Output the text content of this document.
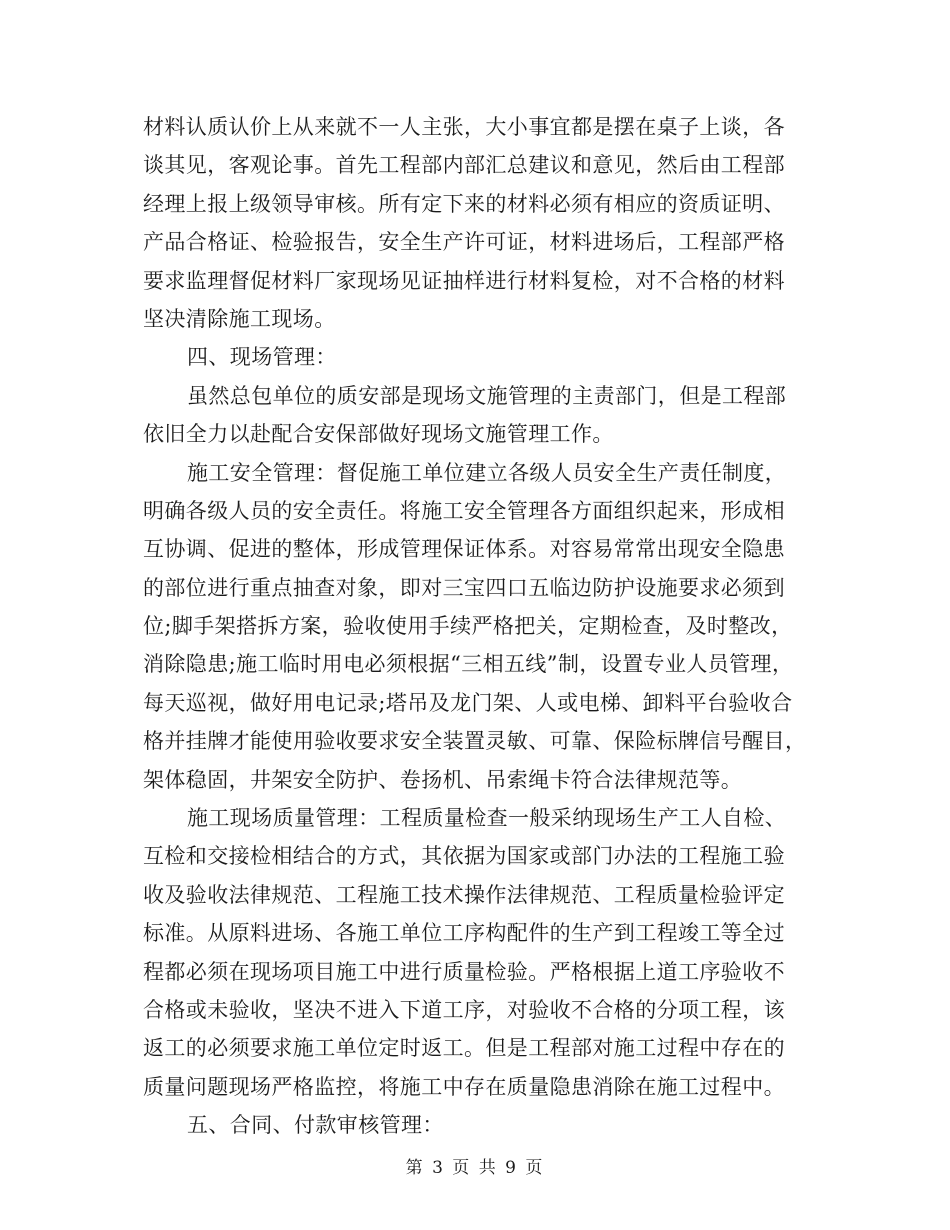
材料认质认价上从来就不一人主张，大小事宜都是摆在桌子上谈，各
谈其见，客观论事。首先工程部内部汇总建议和意见，然后由工程部
经理上报上级领导审核。所有定下来的材料必须有相应的资质证明、
产品合格证、检验报告，安全生产许可证，材料进场后，工程部严格
要求监理督促材料厂家现场见证抽样进行材料复检，对不合格的材料
坚决清除施工现场。
四、现场管理：
虽然总包单位的质安部是现场文施管理的主责部门，但是工程部
依旧全力以赴配合安保部做好现场文施管理工作。
施工安全管理：督促施工单位建立各级人员安全生产责任制度，
明确各级人员的安全责任。将施工安全管理各方面组织起来，形成相
互协调、促进的整体，形成管理保证体系。对容易常常出现安全隐患
的部位进行重点抽查对象，即对三宝四口五临边防护设施要求必须到
位;脚手架搭拆方案，验收使用手续严格把关，定期检查，及时整改，
消除隐患;施工临时用电必须根据“三相五线”制，设置专业人员管理，
每天巡视，做好用电记录;塔吊及龙门架、人或电梯、卸料平台验收合
格并挂牌才能使用验收要求安全装置灵敏、可靠、保险标牌信号醒目，
架体稳固，井架安全防护、卷扬机、吊索绳卡符合法律规范等。
施工现场质量管理：工程质量检查一般采纳现场生产工人自检、
互检和交接检相结合的方式，其依据为国家或部门办法的工程施工验
收及验收法律规范、工程施工技术操作法律规范、工程质量检验评定
标准。从原料进场、各施工单位工序构配件的生产到工程竣工等全过
程都必须在现场项目施工中进行质量检验。严格根据上道工序验收不
合格或未验收，坚决不进入下道工序，对验收不合格的分项工程，该
返工的必须要求施工单位定时返工。但是工程部对施工过程中存在的
质量问题现场严格监控，将施工中存在质量隐患消除在施工过程中。
五、合同、付款审核管理：
第 3 页 共 9 页
